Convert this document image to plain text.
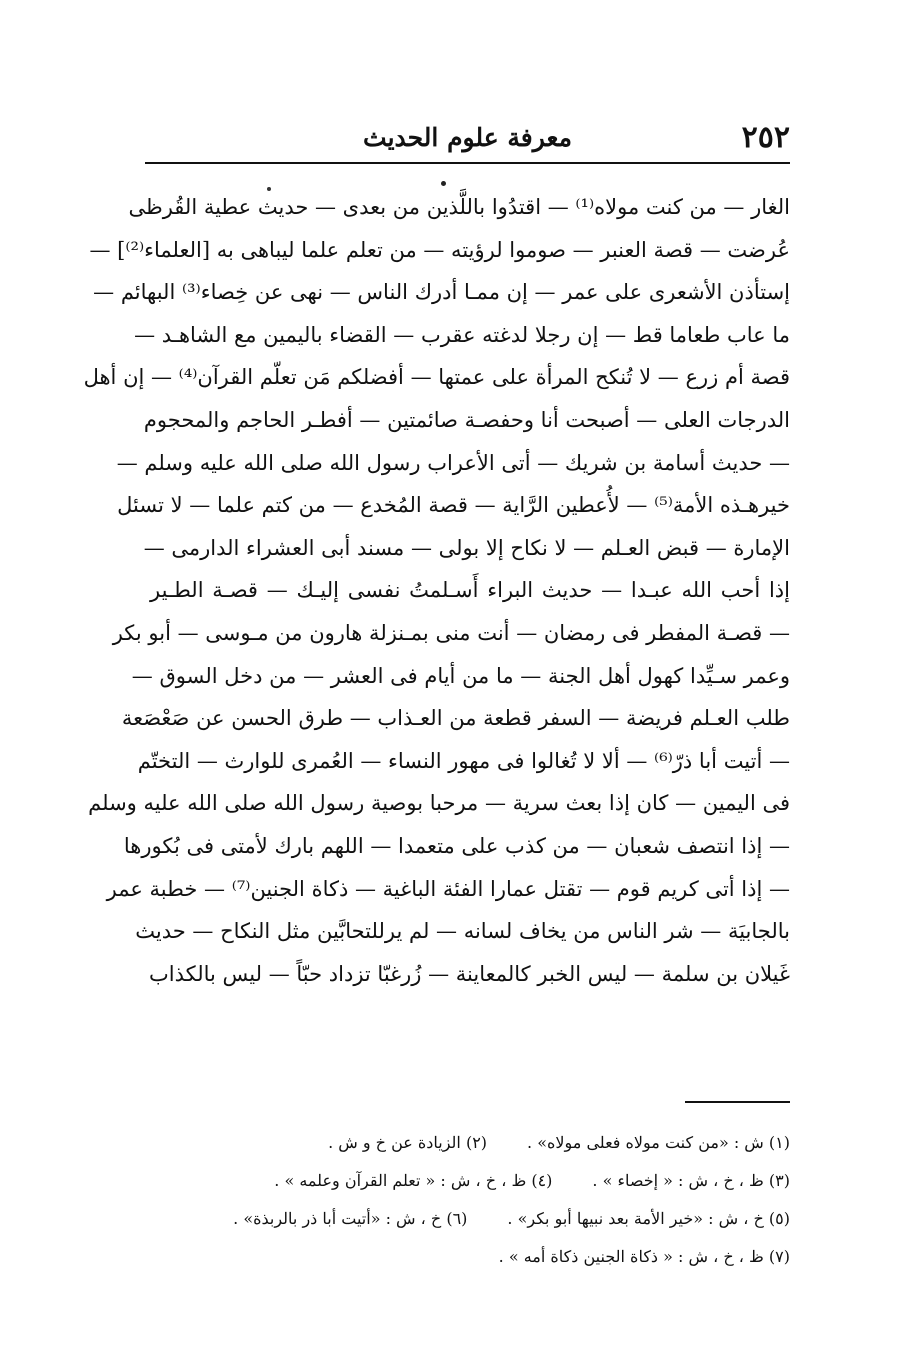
٢٥٢
معرفة علوم الحديث
الغار — من كنت مولاه⁽¹⁾ — اقتدُوا باللَّذين من بعدى — حديث عطية القُرظى
عُرضت — قصة العنبر — صوموا لرؤيته — من تعلم علما ليباهى به [العلماء⁽²⁾] —
إستأذن الأشعرى على عمر — إن ممـا أدرك الناس — نهى عن خِصاء⁽³⁾ البهائم —
ما عاب طعاما قط — إن رجلا لدغته عقرب — القضاء باليمين مع الشاهـد —
قصة أم زرع — لا تُنكح المرأة على عمتها — أفضلكم مَن تعلّم القرآن⁽⁴⁾ — إن أهل
الدرجات العلى — أصبحت أنا وحفصـة صائمتين — أفطـر الحاجم والمحجوم
— حديث أسامة بن شريك — أتى الأعراب رسول الله صلى الله عليه وسلم —
خيرهـذه الأمة⁽⁵⁾ — لأُعطين الرَّاية — قصة المُخدع — من كتم علما — لا تسئل
الإمارة — قبض العـلم — لا نكاح إلا بولى — مسند أبى العشراء الدارمى —
إذا أحب الله عبـدا — حديث البراء أَسـلمتُ نفسى إليـك — قصـة الطـير
— قصـة المفطر فى رمضان — أنت منى بمـنزلة هارون من مـوسى — أبو بكر
وعمر سـيِّدا كهول أهل الجنة — ما من أيام فى العشر — من دخل السوق —
طلب العـلم فريضة — السفر قطعة من العـذاب — طرق الحسن عن صَعْصَعة
— أتيت أبا ذرّ⁽⁶⁾ — ألا لا تُغالوا فى مهور النساء — العُمرى للوارث — التختّم
فى اليمين — كان إذا بعث سرية — مرحبا بوصية رسول الله صلى الله عليه وسلم
— إذا انتصف شعبان — من كذب على متعمدا — اللهم بارك لأمتى فى بُكورها
— إذا أتى كريم قوم — تقتل عمارا الفئة الباغية — ذكاة الجنين⁽⁷⁾ — خطبة عمر
بالجابيَة — شر الناس من يخاف لسانه — لم يرللتحابَّين مثل النكاح — حديث
غَيلان بن سلمة — ليس الخبر كالمعاينة — زُرغبّا تزداد حبّاً — ليس بالكذاب
(١) ش : «من كنت مولاه فعلى مولاه» .
(٢) الزيادة عن خ و ش .
(٣) ظ ، خ ، ش : « إخصاء » .
(٤) ظ ، خ ، ش : « تعلم القرآن وعلمه » .
(٥) خ ، ش : «خير الأمة بعد نبيها أبو بكر» .
(٦) خ ، ش : «أتيت أبا ذر بالربذة» .
(٧) ظ ، خ ، ش : « ذكاة الجنين ذكاة أمه » .
